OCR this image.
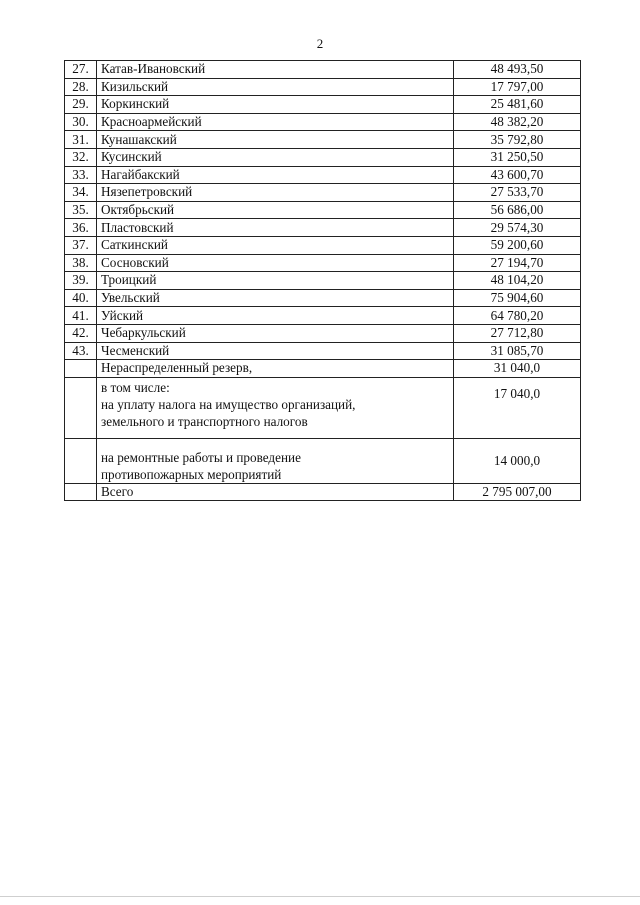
2
27.	Катав-Ивановский	48 493,50
28.	Кизильский	17 797,00
29.	Коркинский	25 481,60
30.	Красноармейский	48 382,20
31.	Кунашакский	35 792,80
32.	Кусинский	31 250,50
33.	Нагайбакский	43 600,70
34.	Нязепетровский	27 533,70
35.	Октябрьский	56 686,00
36.	Пластовский	29 574,30
37.	Саткинский	59 200,60
38.	Сосновский	27 194,70
39.	Троицкий	48 104,20
40.	Увельский	75 904,60
41.	Уйский	64 780,20
42.	Чебаркульский	27 712,80
43.	Чесменский	31 085,70
	Нераспределенный резерв,	31 040,0

	в том числе:
на уплату налога на имущество организаций,
земельного и транспортного налогов	17 040,0

	на ремонтные работы и проведение
противопожарных мероприятий	14 000,0
	Всего	2 795 007,00
